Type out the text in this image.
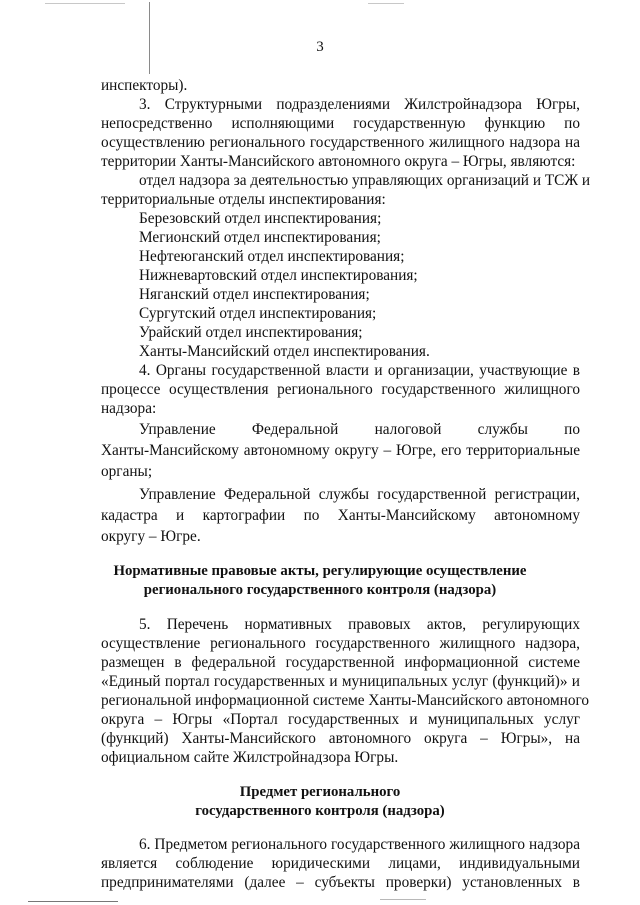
3
инспекторы).
3. Структурными подразделениями Жилстройнадзора Югры,
непосредственно исполняющими государственную функцию по
осуществлению регионального государственного жилищного надзора на
территории Ханты-Мансийского автономного округа – Югры, являются:
отдел надзора за деятельностью управляющих организаций и ТСЖ и
территориальные отделы инспектирования:
Березовский отдел инспектирования;
Мегионский отдел инспектирования;
Нефтеюганский отдел инспектирования;
Нижневартовский отдел инспектирования;
Няганский отдел инспектирования;
Сургутский отдел инспектирования;
Урайский отдел инспектирования;
Ханты-Мансийский отдел инспектирования.
4. Органы государственной власти и организации, участвующие в
процессе осуществления регионального государственного жилищного
надзора:
Управление Федеральной налоговой службы по
Ханты-Мансийскому автономному округу – Югре, его территориальные
органы;
Управление Федеральной службы государственной регистрации,
кадастра и картографии по Ханты-Мансийскому автономному
округу – Югре.
Нормативные правовые акты, регулирующие осуществление
регионального государственного контроля (надзора)
5. Перечень нормативных правовых актов, регулирующих
осуществление регионального государственного жилищного надзора,
размещен в федеральной государственной информационной системе
«Единый портал государственных и муниципальных услуг (функций)» и
региональной информационной системе Ханты-Мансийского автономного
округа – Югры «Портал государственных и муниципальных услуг
(функций) Ханты-Мансийского автономного округа – Югры», на
официальном сайте Жилстройнадзора Югры.
Предмет регионального
государственного контроля (надзора)
6. Предметом регионального государственного жилищного надзора
является соблюдение юридическими лицами, индивидуальными
предпринимателями (далее – субъекты проверки) установленных в
